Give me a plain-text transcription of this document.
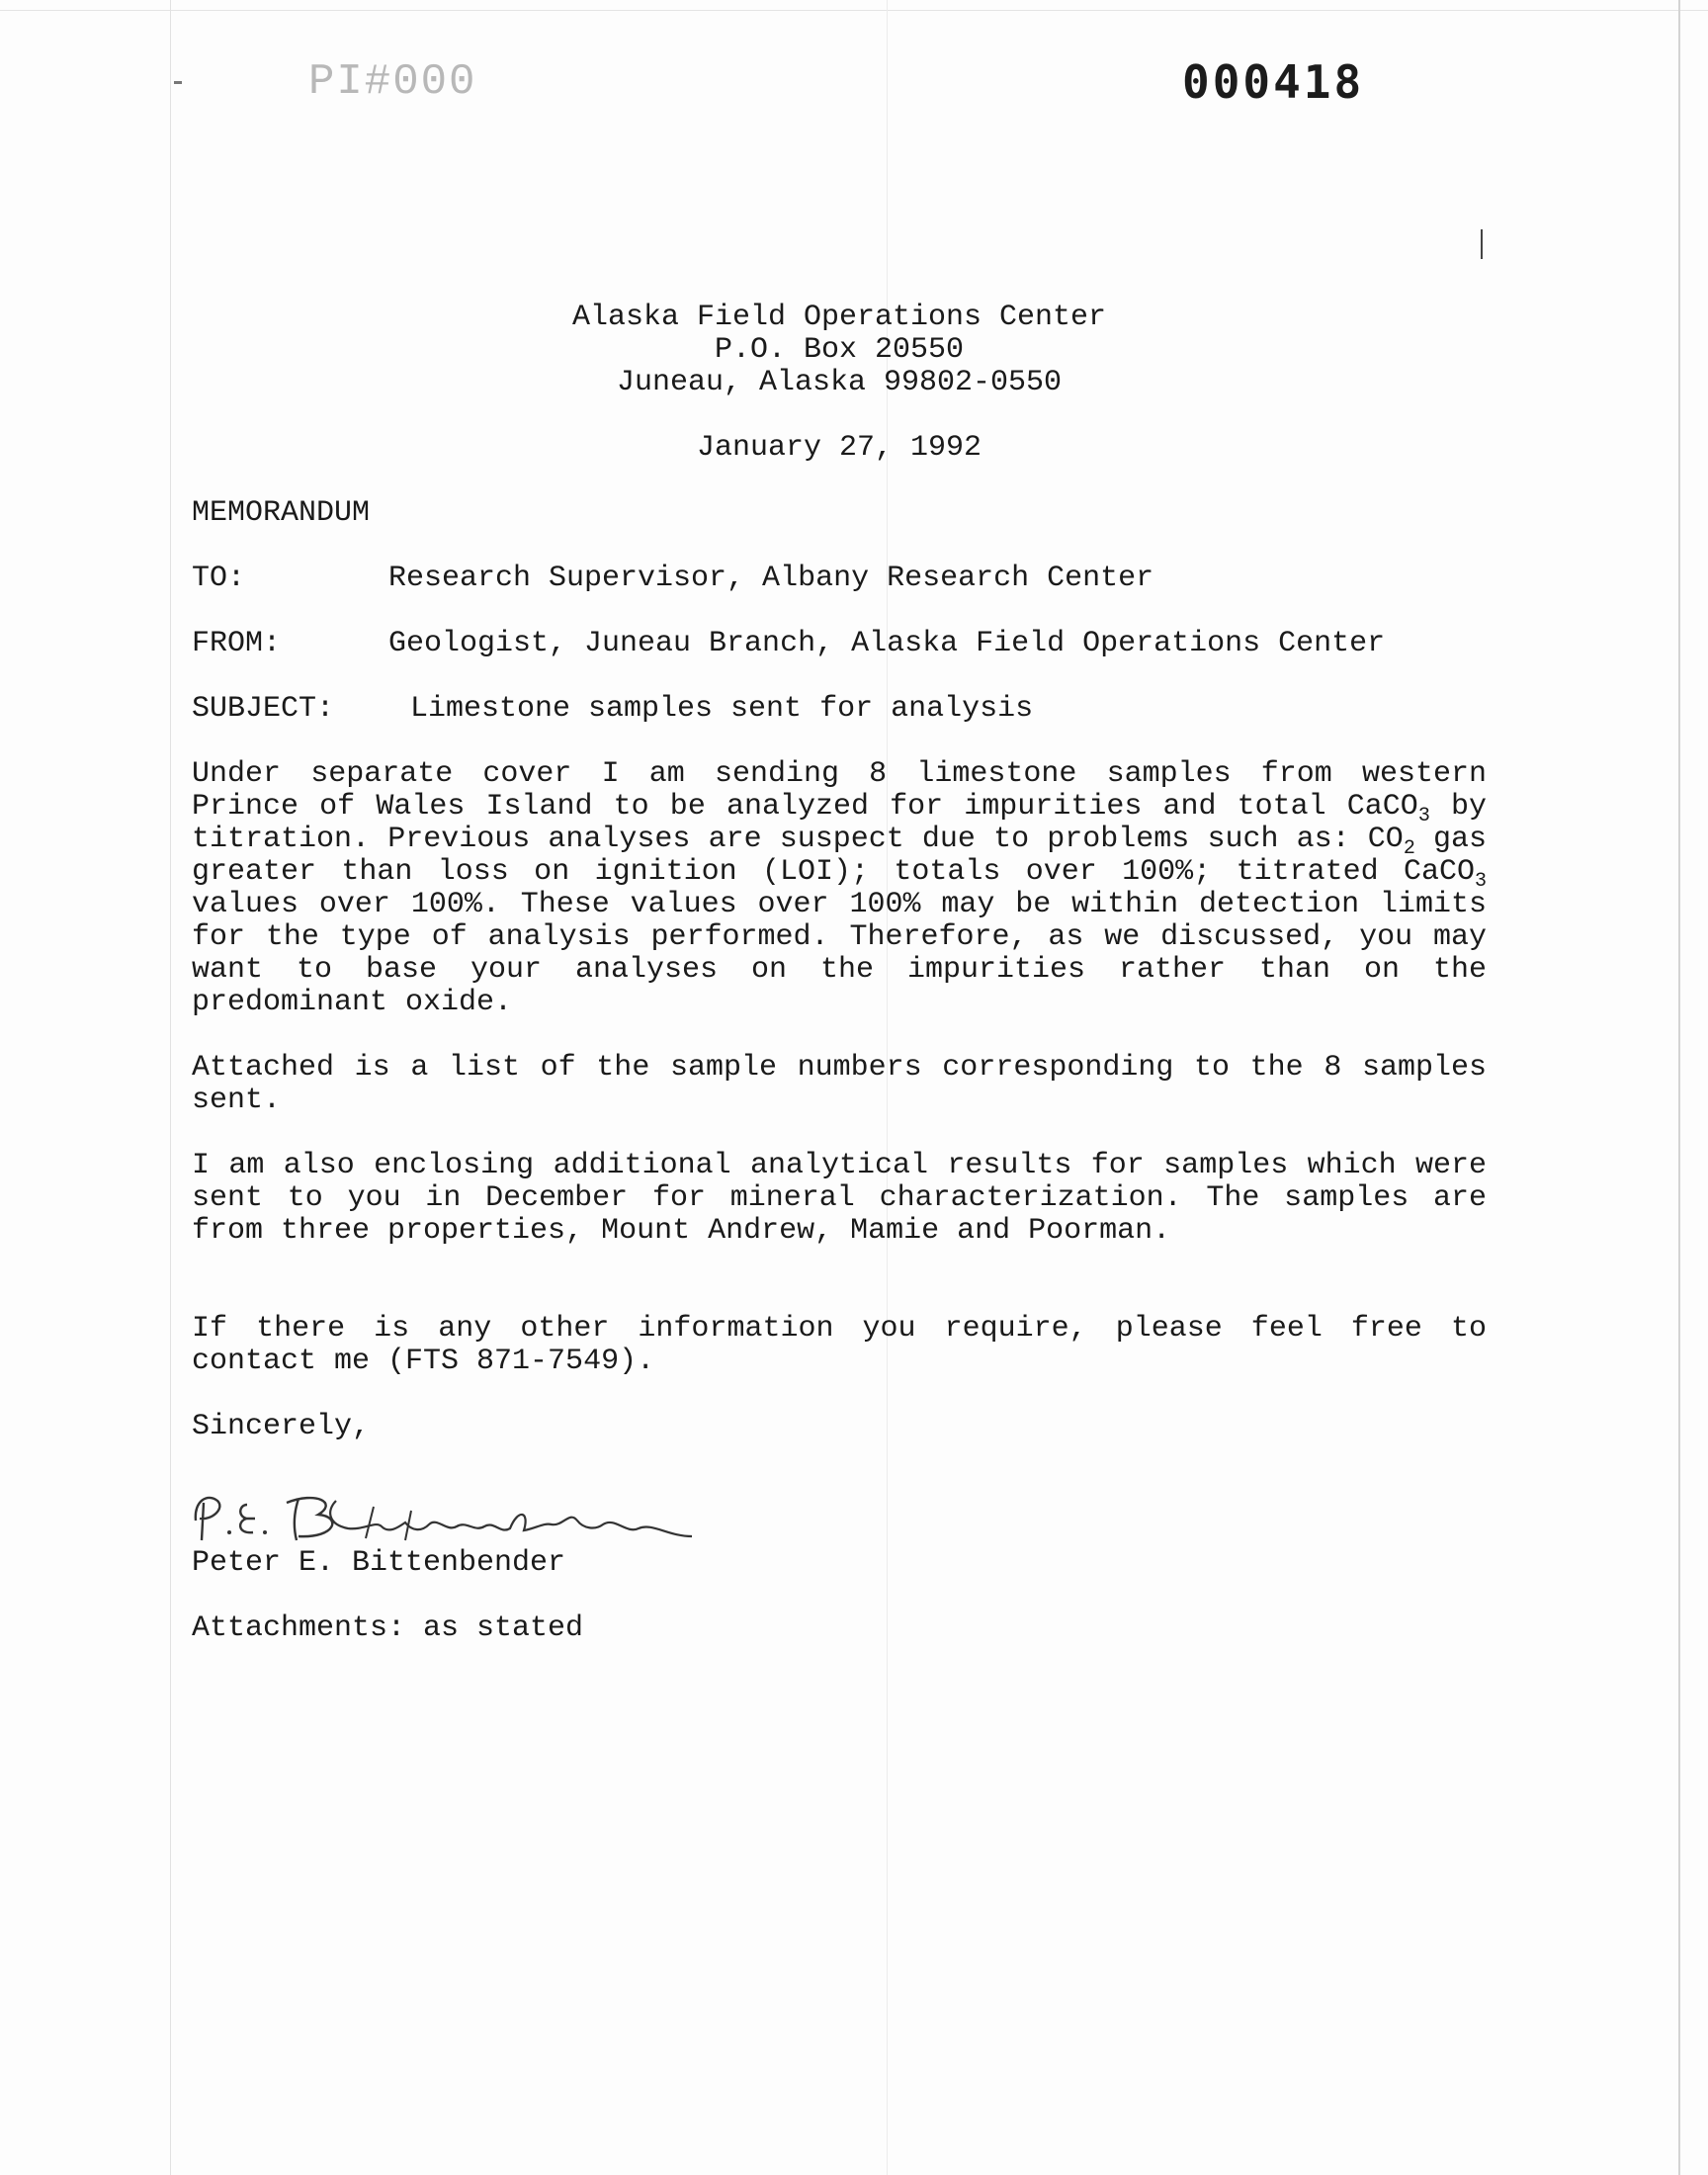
PI#000	000418
Alaska Field Operations Center
P.O. Box 20550
Juneau, Alaska 99802-0550
January 27, 1992
MEMORANDUM
TO:	Research Supervisor, Albany Research Center
FROM:	Geologist, Juneau Branch, Alaska Field Operations Center
SUBJECT:	Limestone samples sent for analysis
Under separate cover I am sending 8 limestone samples from western Prince of Wales Island to be analyzed for impurities and total CaCO$_3$ by titration. Previous analyses are suspect due to problems such as: $CO_2$ gas greater than loss on ignition (LOI); totals over 100%; titrated CaCO$_3$ values over 100%. These values over 100% may be within detection limits for the type of analysis performed. Therefore, as we discussed, you may want to base your analyses on the impurities rather than on the predominant oxide.
Attached is a list of the sample numbers corresponding to the 8 samples sent.
I am also enclosing additional analytical results for samples which were sent to you in December for mineral characterization. The samples are from three properties, Mount Andrew, Mamie and Poorman.
If there is any other information you require, please feel free to contact me (FTS 871-7549).
Sincerely,
Peter E. Bittenbender
Attachments: as stated
